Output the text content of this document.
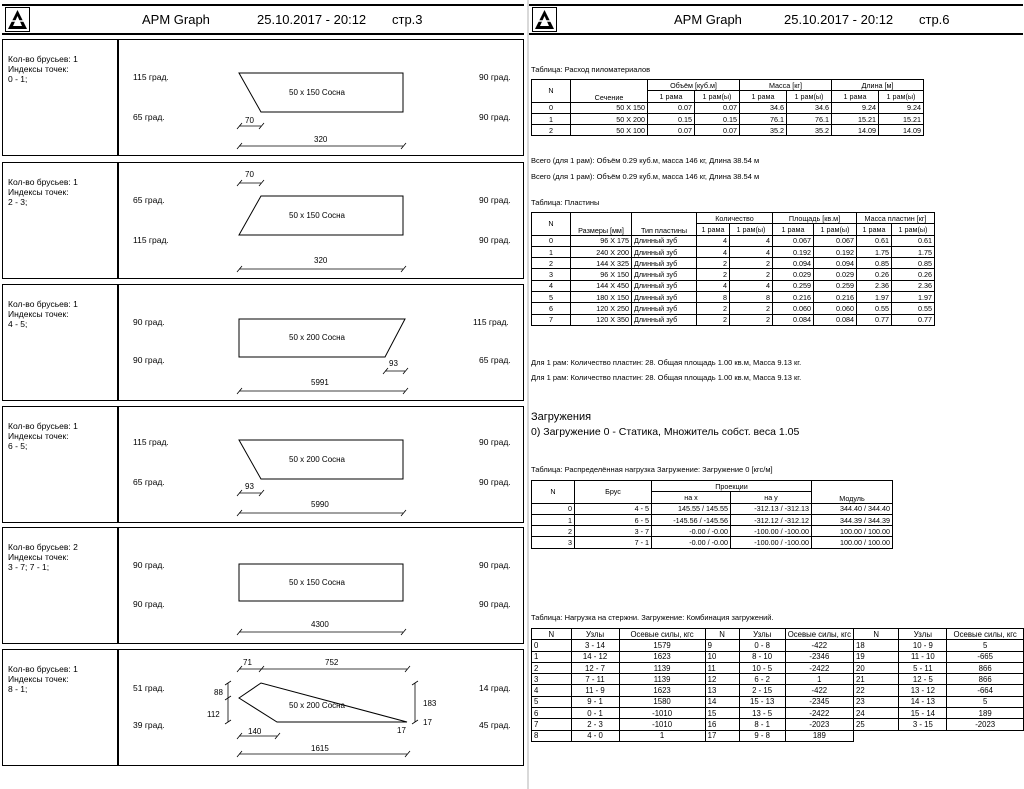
APM Graph	25.10.2017 - 20:12 стр.3
Кол-во брусьев: 1
Индексы точек:
0 - 1;	115 град.
65 град.
90 град.
90 град.
50 x 150 Сосна
70
320
Кол-во брусьев: 1
Индексы точек:
2 - 3;	65 град.
115 град.
90 град.
90 град.
70
50 x 150 Сосна
320
Кол-во брусьев: 1
Индексы точек:
4 - 5;	90 град.
90 град.
115 град.
65 град.
50 x 200 Сосна
93
5991
Кол-во брусьев: 1
Индексы точек:
6 - 5;	115 град.
65 град.
90 град.
90 град.
50 x 200 Сосна
93
5990
Кол-во брусьев: 2
Индексы точек:
3 - 7; 7 - 1;	90 град.
90 град.
90 град.
90 град.
50 x 150 Сосна
4300
Кол-во брусьев: 1
Индексы точек:
8 - 1;	51 град.
39 град.
14 град.
45 град.
71	752
88
112
50 x 200 Сосна	183
17
17
140
1615
APM Graph	25.10.2017 - 20:12 стр.6
Таблица: Расход пиломатериалов
N	Сечение	Объём [куб.м]		Масса [кг]		Длина [м]	
		1 рама	1 рам(ы)	1 рама	1 рам(ы)	1 рама	1 рам(ы)
0	50 X 150	0.07	0.07	34.6	34.6	9.24	9.24
1	50 X 200	0.15	0.15	76.1	76.1	15.21	15.21
2	50 X 100	0.07	0.07	35.2	35.2	14.09	14.09
Всего (для 1 рам): Объём 0.29 куб.м, масса 146 кг, Длина 38.54 м
Всего (для 1 рам): Объём 0.29 куб.м, масса 146 кг, Длина 38.54 м
Таблица: Пластины
N	Размеры [мм]	Тип пластины	Количество		Площадь [кв.м]		Масса пластин [кг]	
			1 рама	1 рам(ы)	1 рама	1 рам(ы)	1 рама	1 рам(ы)
0	96 X 175	Длинный зуб	4	4	0.067	0.067	0.61	0.61
1	240 X 200	Длинный зуб	4	4	0.192	0.192	1.75	1.75
2	144 X 325	Длинный зуб	2	2	0.094	0.094	0.85	0.85
3	96 X 150	Длинный зуб	2	2	0.029	0.029	0.26	0.26
4	144 X 450	Длинный зуб	4	4	0.259	0.259	2.36	2.36
5	180 X 150	Длинный зуб	8	8	0.216	0.216	1.97	1.97
6	120 X 250	Длинный зуб	2	2	0.060	0.060	0.55	0.55
7	120 X 350	Длинный зуб	2	2	0.084	0.084	0.77	0.77
Для 1 рам: Количество пластин: 28. Общая площадь 1.00 кв.м, Масса 9.13 кг.
Для 1 рам: Количество пластин: 28. Общая площадь 1.00 кв.м, Масса 9.13 кг.
Загружения
0) Загружение 0 - Статика, Множитель собст. веса 1.05
Таблица: Распределённая нагрузка Загружение: Загружение 0 [кгс/м]
N	Брус	Проекции		Модуль
		на x	на y	
0	4 - 5	145.55 / 145.55	-312.13 / -312.13	344.40 / 344.40
1	6 - 5	-145.56 / -145.56	-312.12 / -312.12	344.39 / 344.39
2	3 - 7	-0.00 / -0.00	-100.00 / -100.00	100.00 / 100.00
3	7 - 1	-0.00 / -0.00	-100.00 / -100.00	100.00 / 100.00
Таблица: Нагрузка на стержни. Загружение: Комбинация загружений.
N	Узлы	Осевые силы, кгс	N	Узлы	Осевые силы, кгс	N	Узлы	Осевые силы, кгс
0	3 - 14	1579	9	0 - 8	-422	18	10 - 9	5
1	14 - 12	1623	10	8 - 10	-2346	19	11 - 10	-665
2	12 - 7	1139	11	10 - 5	-2422	20	5 - 11	866
3	7 - 11	1139	12	6 - 2	1	21	12 - 5	866
4	11 - 9	1623	13	2 - 15	-422	22	13 - 12	-664
5	9 - 1	1580	14	15 - 13	-2345	23	14 - 13	5
6	0 - 1	-1010	15	13 - 5	-2422	24	15 - 14	189
7	2 - 3	-1010	16	8 - 1	-2023	25	3 - 15	-2023
8	4 - 0	1	17	9 - 8	189			
